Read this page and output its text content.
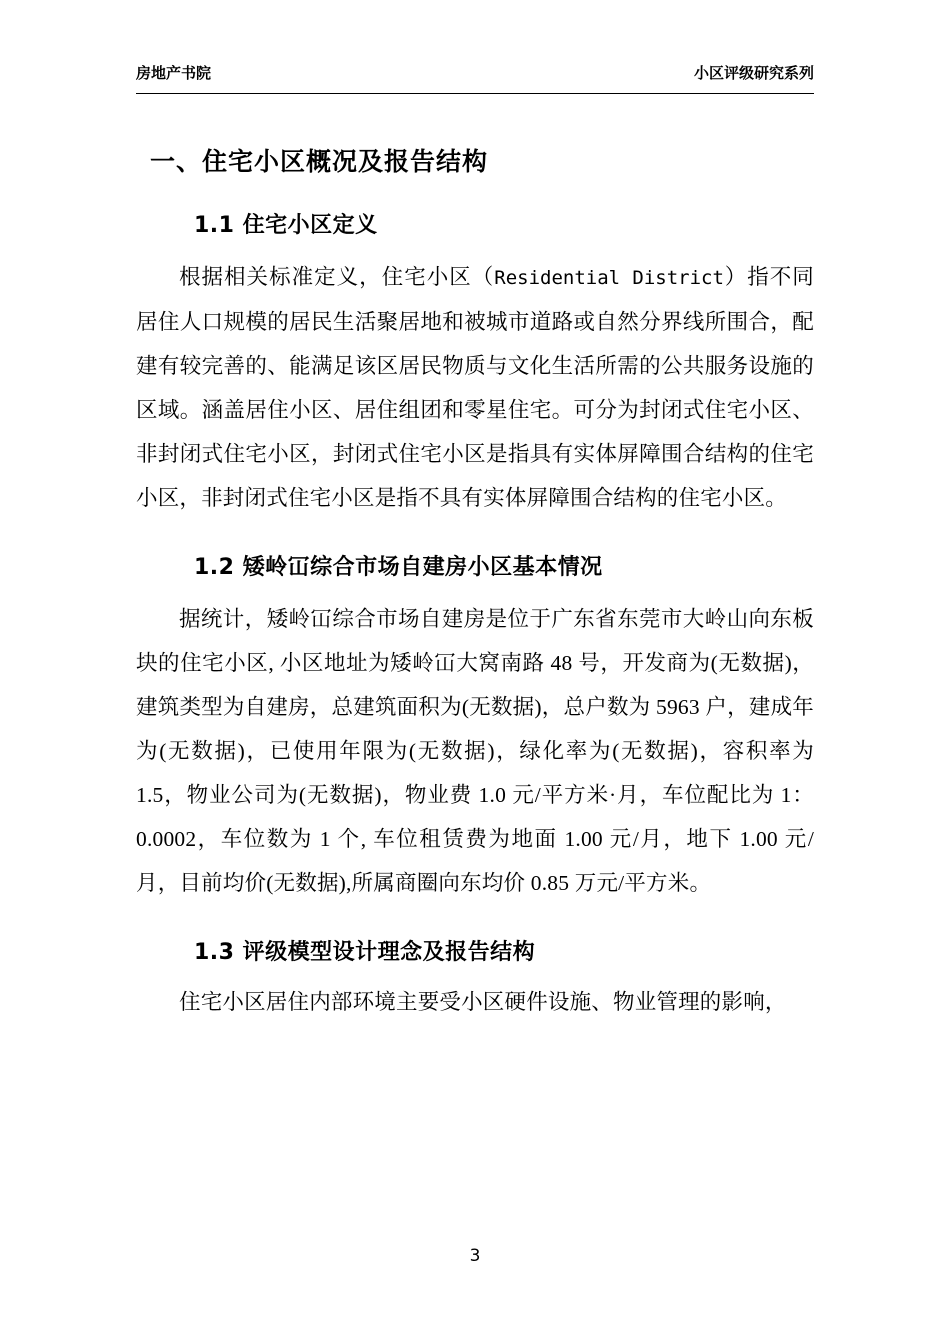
房地产书院	小区评级研究系列
一、住宅小区概况及报告结构
1.1 住宅小区定义

根据相关标准定义，住宅小区（Residential District）指不同居住人口规模的居民生活聚居地和被城市道路或自然分界线所围合，配建有较完善的、能满足该区居民物质与文化生活所需的公共服务设施的区域。涵盖居住小区、居住组团和零星住宅。可分为封闭式住宅小区、非封闭式住宅小区，封闭式住宅小区是指具有实体屏障围合结构的住宅小区，非封闭式住宅小区是指不具有实体屏障围合结构的住宅小区。

1.2 矮岭冚综合市场自建房小区基本情况

据统计，矮岭冚综合市场自建房是位于广东省东莞市大岭山向东板块的住宅小区, 小区地址为矮岭冚大窝南路 48 号，开发商为(无数据)，建筑类型为自建房，总建筑面积为(无数据)，总户数为 5963 户，建成年为(无数据)，已使用年限为(无数据)，绿化率为(无数据)，容积率为 1.5，物业公司为(无数据)，物业费 1.0 元/平方米·月，车位配比为 1：0.0002，车位数为 1 个, 车位租赁费为地面 1.00 元/月，地下 1.00 元/月，目前均价(无数据),所属商圈向东均价 0.85 万元/平方米。

1.3 评级模型设计理念及报告结构

住宅小区居住内部环境主要受小区硬件设施、物业管理的影响，

3
